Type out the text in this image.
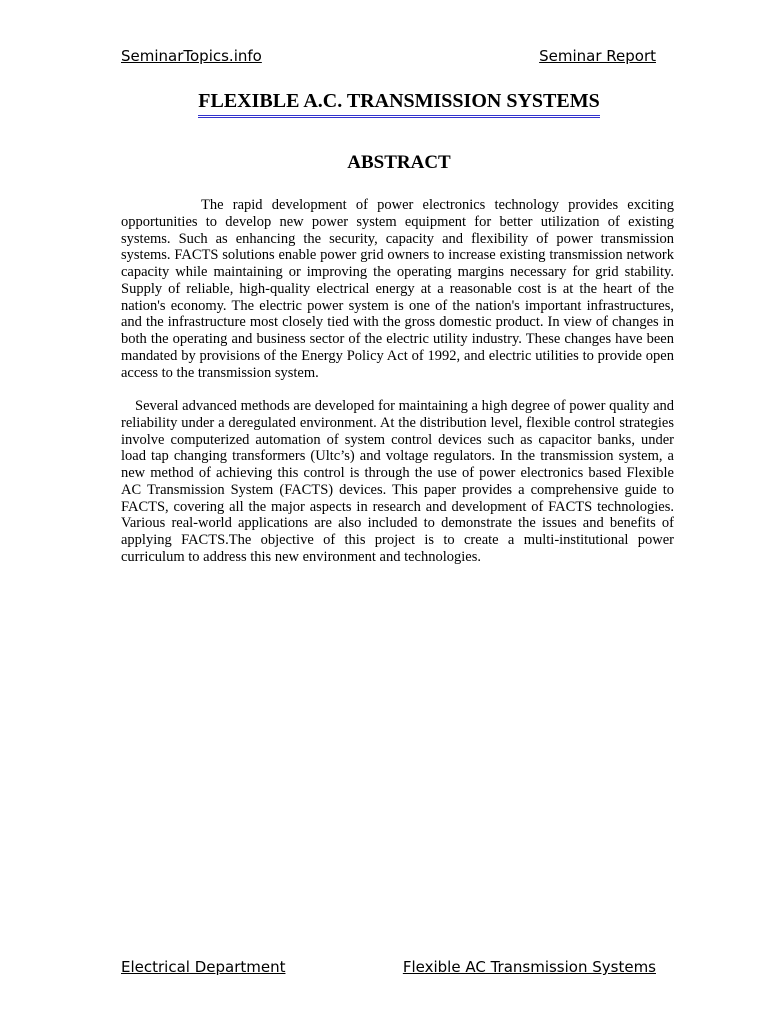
SeminarTopics.info	Seminar Report
FLEXIBLE A.C. TRANSMISSION SYSTEMS
ABSTRACT

The rapid development of power electronics technology provides exciting opportunities to develop new power system equipment for better utilization of existing systems. Such as enhancing the security, capacity and flexibility of power transmission systems. FACTS solutions enable power grid owners to increase existing transmission network capacity while maintaining or improving the operating margins necessary for grid stability. Supply of reliable, high-quality electrical energy at a reasonable cost is at the heart of the nation's economy. The electric power system is one of the nation's important infrastructures, and the infrastructure most closely tied with the gross domestic product. In view of changes in both the operating and business sector of the electric utility industry. These changes have been mandated by provisions of the Energy Policy Act of 1992, and electric utilities to provide open access to the transmission system.

Several advanced methods are developed for maintaining a high degree of power quality and reliability under a deregulated environment. At the distribution level, flexible control strategies involve computerized automation of system control devices such as capacitor banks, under load tap changing transformers (Ultc’s) and voltage regulators. In the transmission system, a new method of achieving this control is through the use of power electronics based Flexible AC Transmission System (FACTS) devices. This paper provides a comprehensive guide to FACTS, covering all the major aspects in research and development of FACTS technologies. Various real-world applications are also included to demonstrate the issues and benefits of applying FACTS.The objective of this project is to create a multi-institutional power curriculum to address this new environment and technologies.

Electrical Department	Flexible AC Transmission Systems
